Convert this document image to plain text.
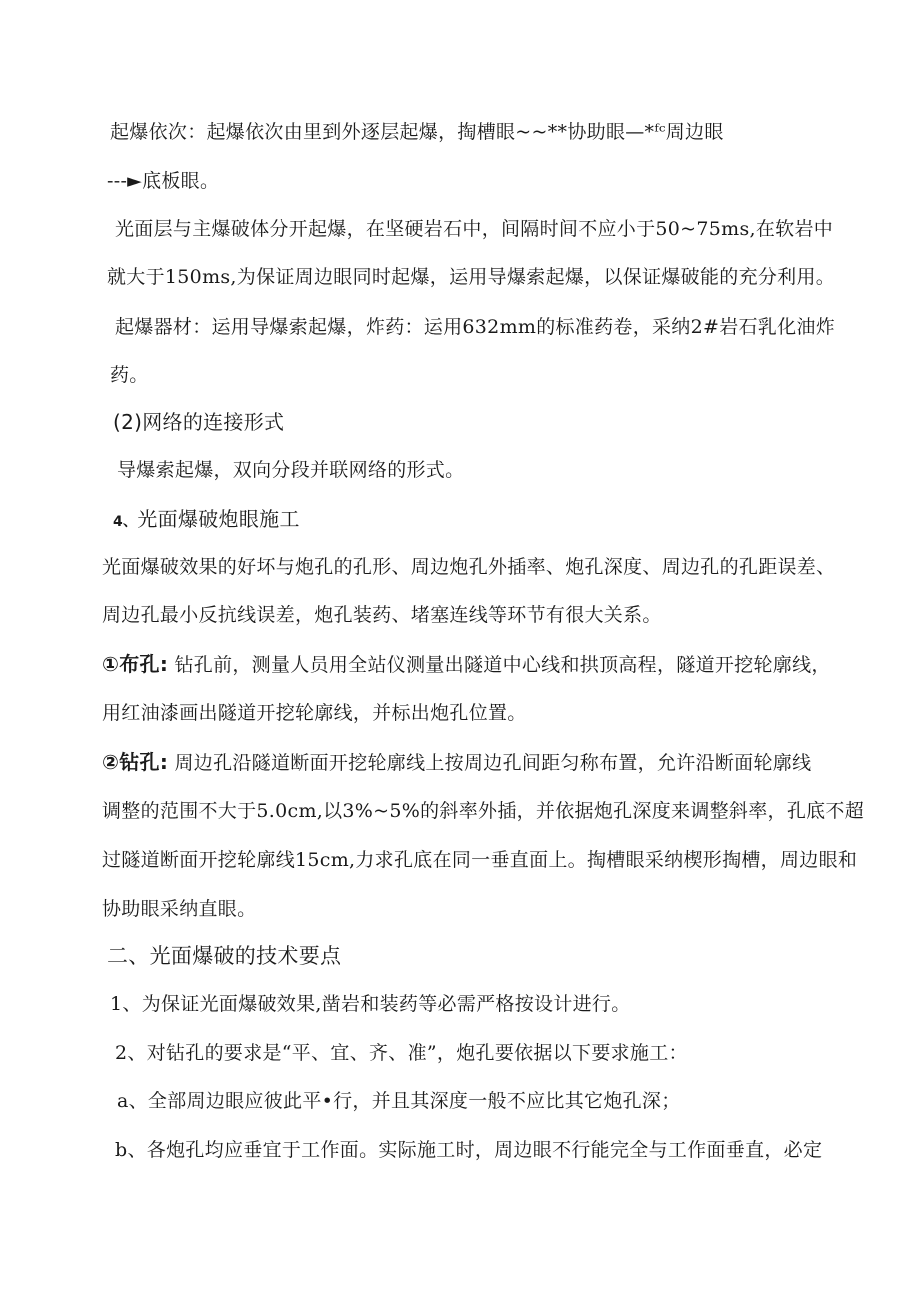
起爆依次：起爆依次由里到外逐层起爆，掏槽眼~~**协助眼—*ᶠᶜ周边眼
---►底板眼。
光面层与主爆破体分开起爆，在坚硬岩石中，间隔时间不应小于50~75ms,在软岩中
就大于150ms,为保证周边眼同时起爆，运用导爆索起爆，以保证爆破能的充分利用。
起爆器材：运用导爆索起爆，炸药：运用632mm的标准药卷，采纳2#岩石乳化油炸
药。
(2)网络的连接形式
导爆索起爆，双向分段并联网络的形式。
4、光面爆破炮眼施工
光面爆破效果的好坏与炮孔的孔形、周边炮孔外插率、炮孔深度、周边孔的孔距误差、
周边孔最小反抗线误差，炮孔装药、堵塞连线等环节有很大关系。
①布孔: 钻孔前，测量人员用全站仪测量出隧道中心线和拱顶高程，隧道开挖轮廓线，
用红油漆画出隧道开挖轮廓线，并标出炮孔位置。
②钻孔: 周边孔沿隧道断面开挖轮廓线上按周边孔间距匀称布置，允许沿断面轮廓线
调整的范围不大于5.0cm,以3%~5%的斜率外插，并依据炮孔深度来调整斜率，孔底不超
过隧道断面开挖轮廓线15cm,力求孔底在同一垂直面上。掏槽眼采纳楔形掏槽，周边眼和
协助眼采纳直眼。
二、光面爆破的技术要点
1、为保证光面爆破效果,凿岩和装药等必需严格按设计进行。
2、对钻孔的要求是“平、宜、齐、准”，炮孔要依据以下要求施工：
a、全部周边眼应彼此平•行，并且其深度一般不应比其它炮孔深；
b、各炮孔均应垂宜于工作面。实际施工时，周边眼不行能完全与工作面垂直，必定
